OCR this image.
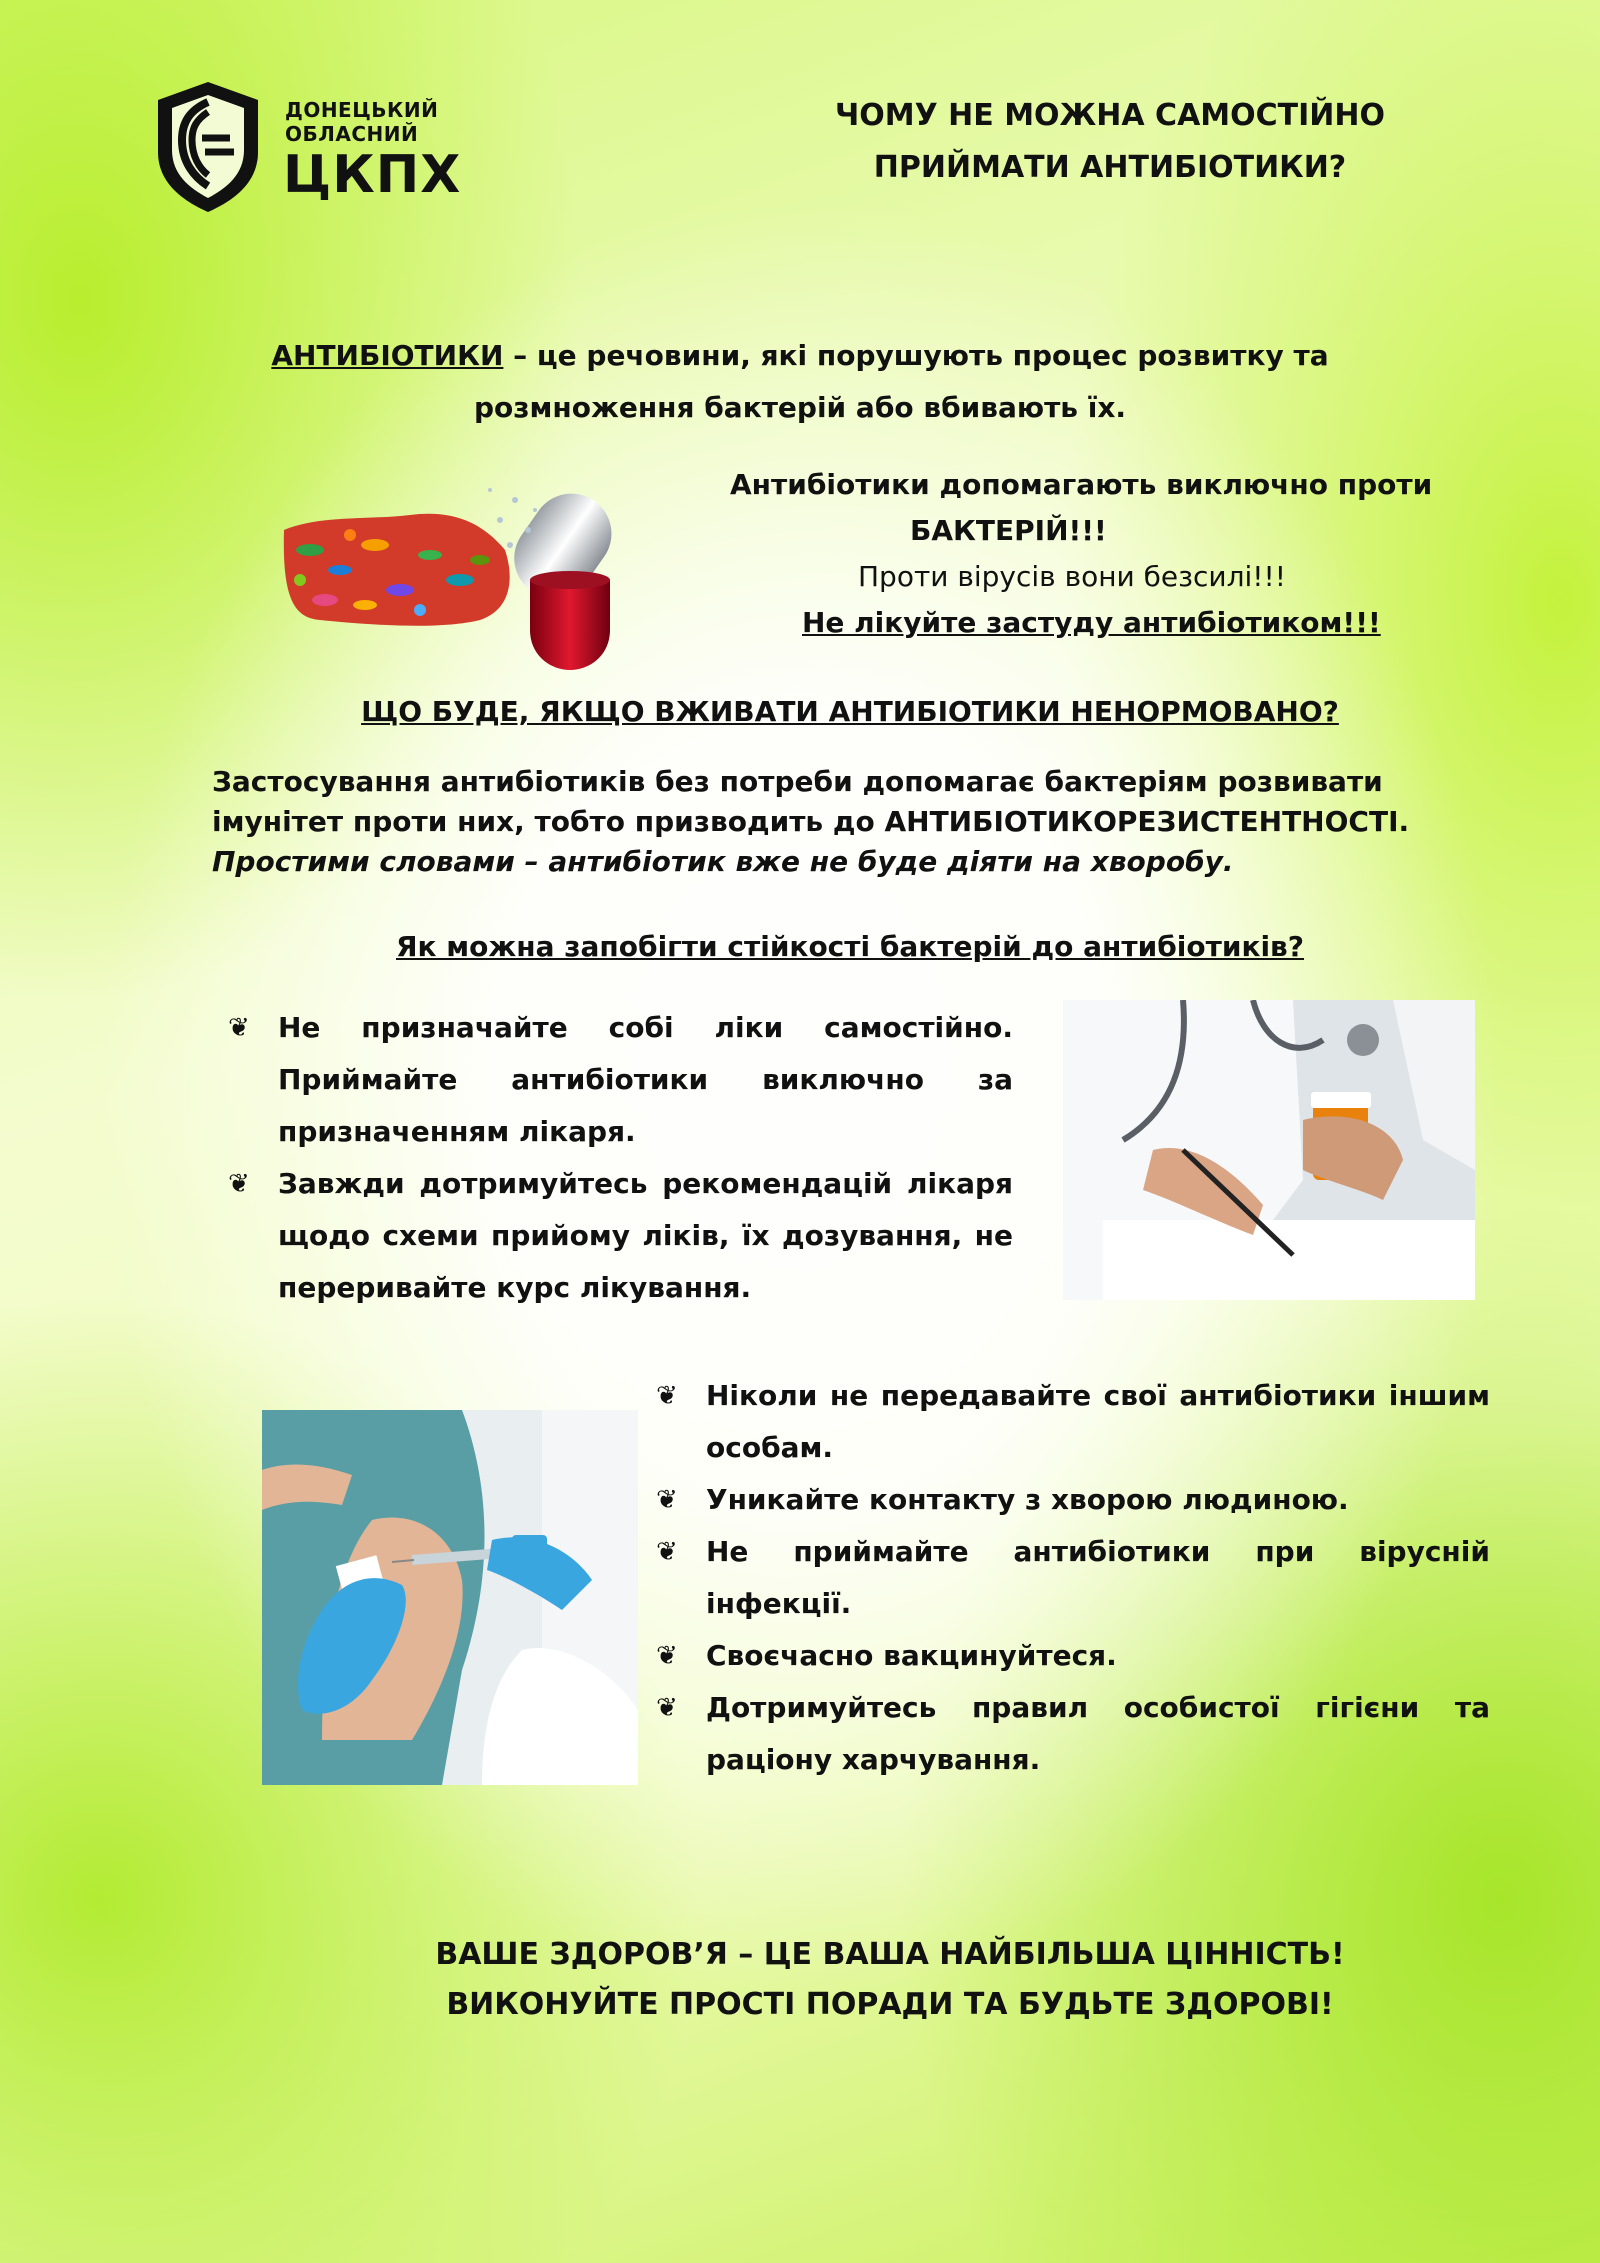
ДОНЕЦЬКИЙ
ОБЛАСНИЙ
ЦКПХ
ЧОМУ НЕ МОЖНА САМОСТІЙНО
ПРИЙМАТИ АНТИБІОТИКИ?
АНТИБІОТИКИ – це речовини, які порушують процес розвитку та
розмноження бактерій або вбивають їх.
Антибіотики допомагають виключно проти
БАКТЕРІЙ!!!
Проти вірусів вони безсилі!!!
Не лікуйте застуду антибіотиком!!!
ЩО БУДЕ, ЯКЩО ВЖИВАТИ АНТИБІОТИКИ НЕНОРМОВАНО?
Застосування антибіотиків без потреби допомагає бактеріям розвивати
імунітет проти них, тобто призводить до АНТИБІОТИКОРЕЗИСТЕНТНОСТІ.
Простими словами – антибіотик вже не буде діяти на хворобу.
Як можна запобігти стійкості бактерій до антибіотиків?
❦ Не призначайте собі ліки самостійно. Приймайте антибіотики виключно за призначенням лікаря.
❦ Завжди дотримуйтесь рекомендацій лікаря щодо схеми прийому ліків, їх дозування, не переривайте курс лікування.
❦ Ніколи не передавайте свої антибіотики іншим особам.
❦ Уникайте контакту з хворою людиною.
❦ Не приймайте антибіотики при вірусній інфекції.
❦ Своєчасно вакцинуйтеся.
❦ Дотримуйтесь правил особистої гігієни та раціону харчування.
ВАШЕ ЗДОРОВ’Я – ЦЕ ВАША НАЙБІЛЬША ЦІННІСТЬ!
ВИКОНУЙТЕ ПРОСТІ ПОРАДИ ТА БУДЬТЕ ЗДОРОВІ!
